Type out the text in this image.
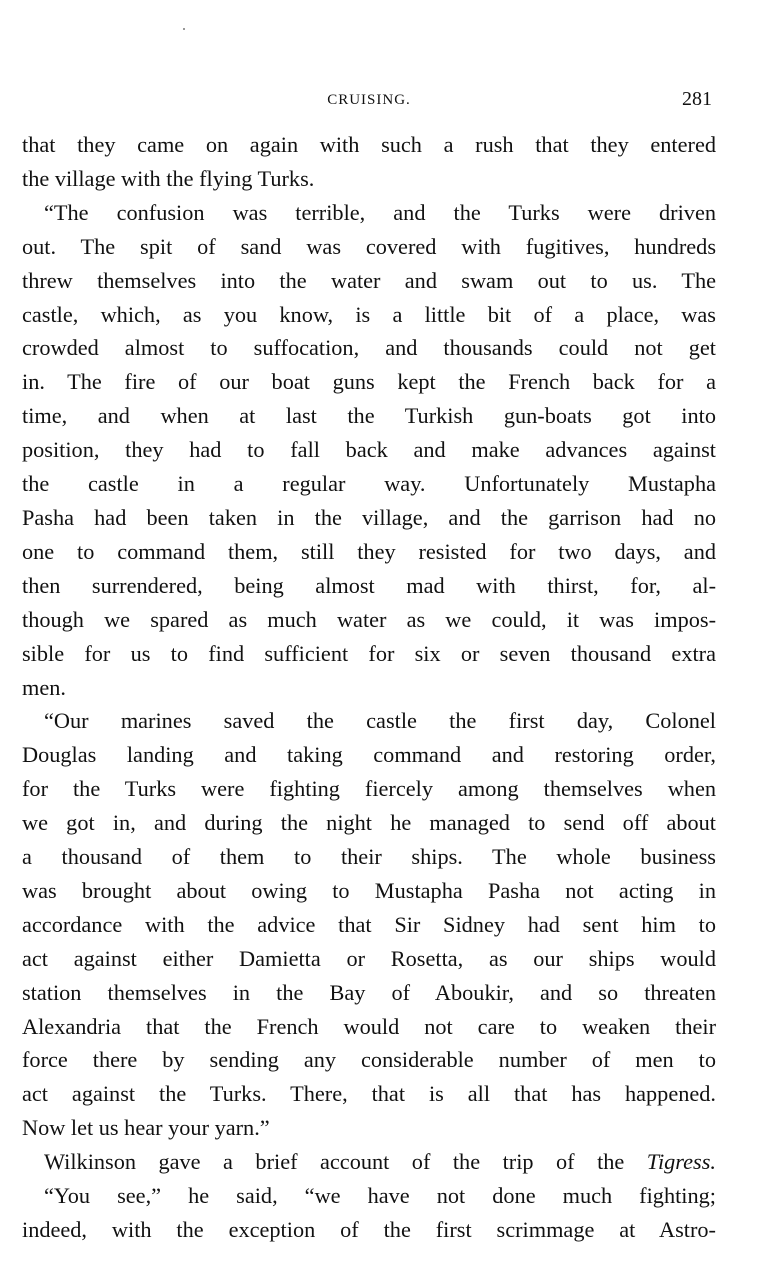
CRUISING.	281

that they came on again with such a rush that they entered
the village with the flying Turks.

“The confusion was terrible, and the Turks were driven
out. The spit of sand was covered with fugitives, hundreds
threw themselves into the water and swam out to us. The
castle, which, as you know, is a little bit of a place, was
crowded almost to suffocation, and thousands could not get
in. The fire of our boat guns kept the French back for a
time, and when at last the Turkish gun-boats got into
position, they had to fall back and make advances against
the castle in a regular way. Unfortunately Mustapha
Pasha had been taken in the village, and the garrison had no
one to command them, still they resisted for two days, and
then surrendered, being almost mad with thirst, for, al-
though we spared as much water as we could, it was impos-
sible for us to find sufficient for six or seven thousand extra
men.

“Our marines saved the castle the first day, Colonel
Douglas landing and taking command and restoring order,
for the Turks were fighting fiercely among themselves when
we got in, and during the night he managed to send off about
a thousand of them to their ships. The whole business
was brought about owing to Mustapha Pasha not acting in
accordance with the advice that Sir Sidney had sent him to
act against either Damietta or Rosetta, as our ships would
station themselves in the Bay of Aboukir, and so threaten
Alexandria that the French would not care to weaken their
force there by sending any considerable number of men to
act against the Turks. There, that is all that has happened.
Now let us hear your yarn.”

Wilkinson gave a brief account of the trip of the Tigress.

“You see,” he said, “we have not done much fighting;
indeed, with the exception of the first scrimmage at Astro-
